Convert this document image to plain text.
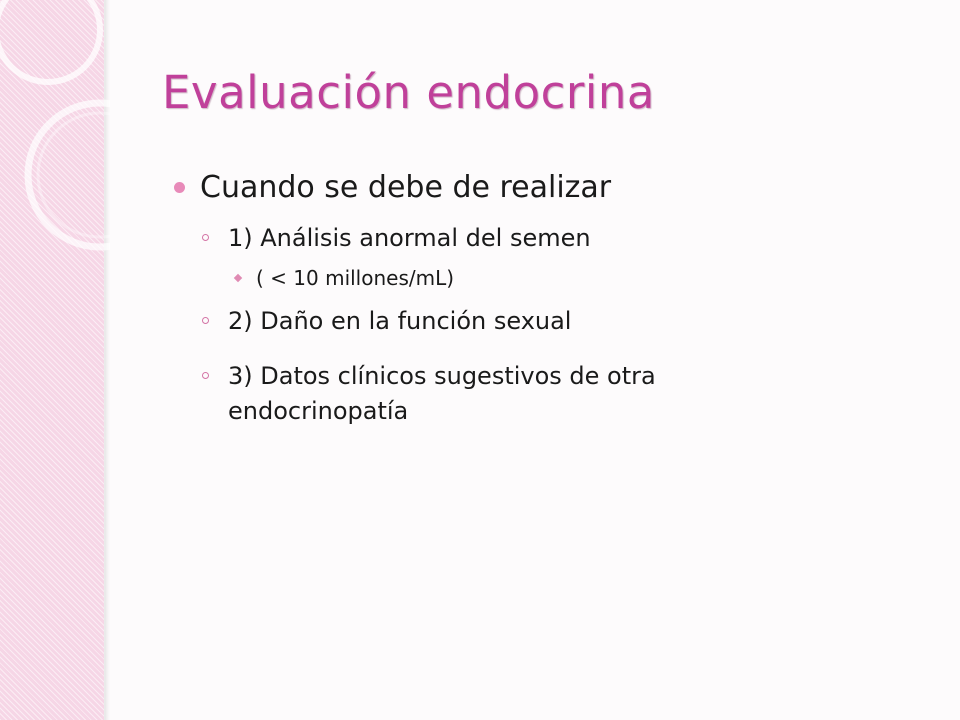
Evaluación endocrina
Cuando se debe de realizar
1) Análisis anormal del semen
( < 10 millones/mL)
2) Daño en la función sexual
3) Datos clínicos sugestivos de otra
endocrinopatía
